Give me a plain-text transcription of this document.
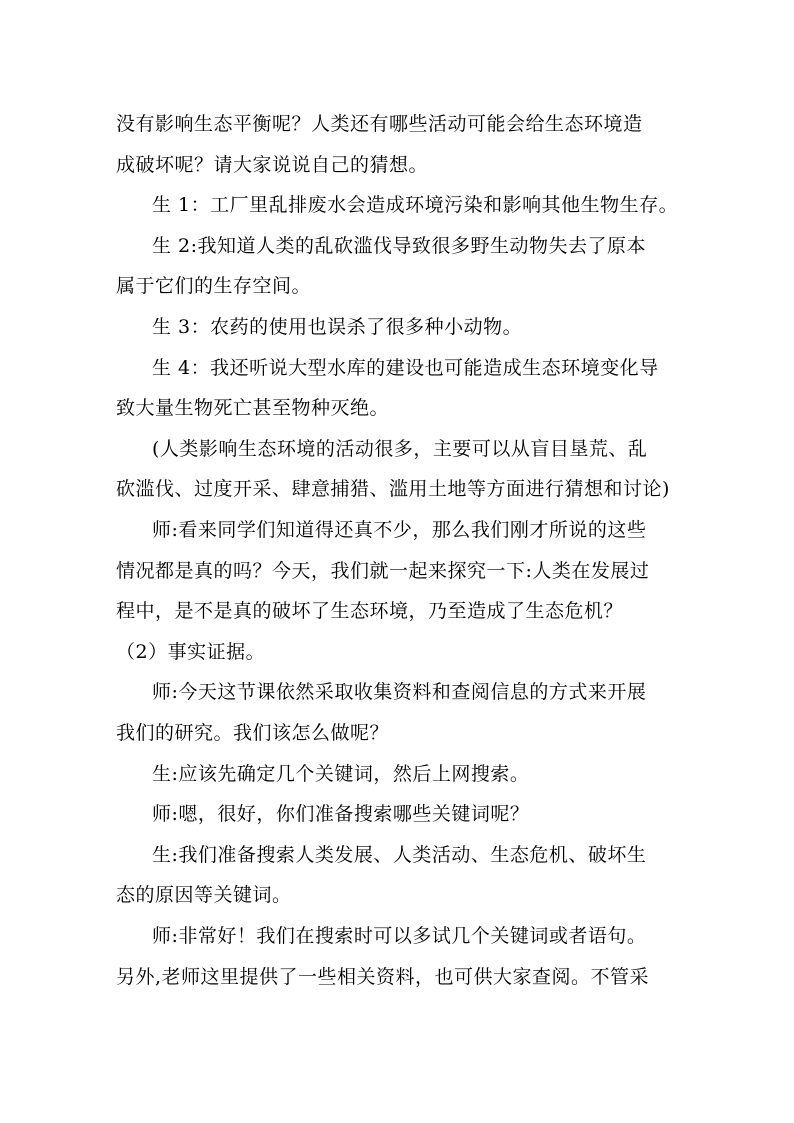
没有影响生态平衡呢？人类还有哪些活动可能会给生态环境造
成破坏呢？请大家说说自己的猜想。
生 1：工厂里乱排废水会造成环境污染和影响其他生物生存。
生 2:我知道人类的乱砍滥伐导致很多野生动物失去了原本
属于它们的生存空间。
生 3：农药的使用也误杀了很多种小动物。
生 4：我还听说大型水库的建设也可能造成生态环境变化导
致大量生物死亡甚至物种灭绝。
(人类影响生态环境的活动很多，主要可以从盲目垦荒、乱
砍滥伐、过度开采、肆意捕猎、滥用土地等方面进行猜想和讨论)
师:看来同学们知道得还真不少，那么我们刚才所说的这些
情况都是真的吗？今天，我们就一起来探究一下:人类在发展过
程中，是不是真的破坏了生态环境，乃至造成了生态危机？
（2）事实证据。
师:今天这节课依然采取收集资料和查阅信息的方式来开展
我们的研究。我们该怎么做呢？
生:应该先确定几个关键词，然后上网搜索。
师:嗯，很好，你们准备搜索哪些关键词呢？
生:我们准备搜索人类发展、人类活动、生态危机、破坏生
态的原因等关键词。
师:非常好！我们在搜索时可以多试几个关键词或者语句。
另外,老师这里提供了一些相关资料，也可供大家查阅。不管采
